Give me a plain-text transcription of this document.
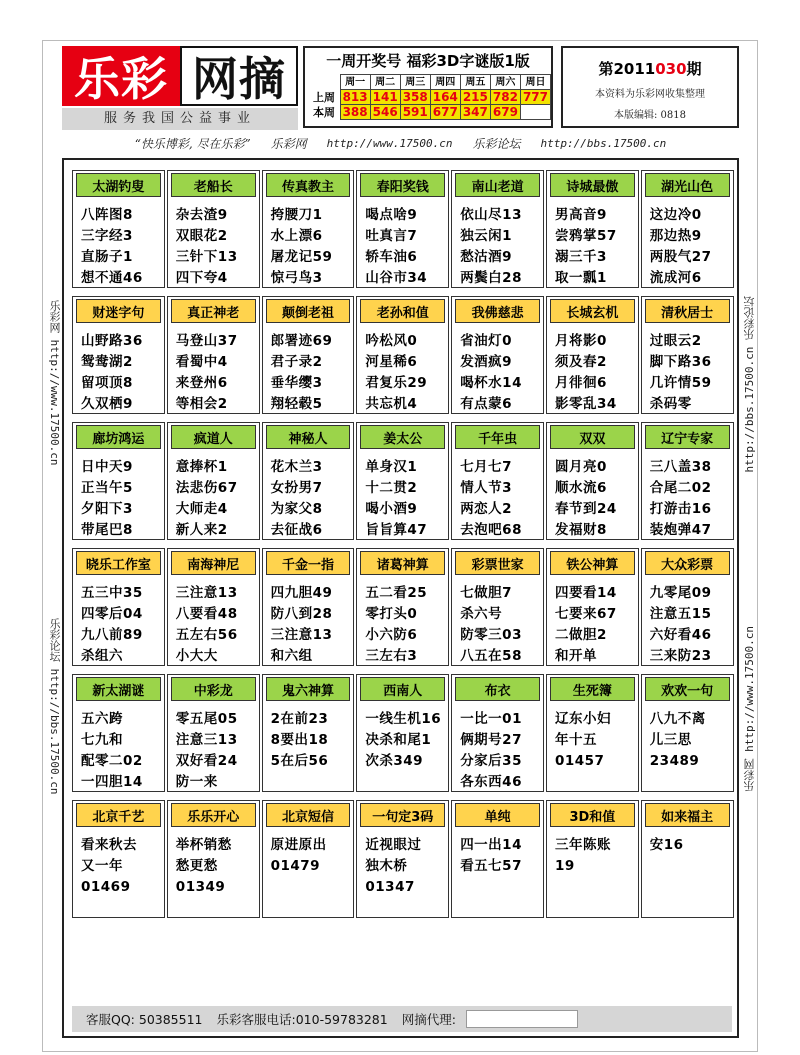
乐彩 网摘
服务我国公益事业
一周开奖号 福彩3D字谜版1版
	周一	周二	周三	周四	周五	周六	周日
上周	813	141	358	164	215	782	777
本周	388	546	591	677	347	679	
第2011030期
本资料为乐彩网收集整理
本版编辑: 0818
“快乐博彩, 尽在乐彩” 乐彩网 http://www.17500.cn 乐彩论坛 http://bbs.17500.cn
乐彩网 http://www.17500.cn
乐彩论坛 http://bbs.17500.cn
http://bbs.17500.cn 乐彩论坛
乐彩网 http://www.17500.cn
太湖钓叟
八阵图8
三字经3
直肠子1
想不通46
老船长
杂去渣9
双眼花2
三针下13
四下夸4
传真教主
挎腰刀1
水上漂6
屠龙记59
惊弓鸟3
春阳奖钱
喝点啥9
吐真言7
轿车油6
山谷市34
南山老道
依山尽13
独云闲1
愁沽酒9
两鬓白28
诗城最傲
男高音9
尝鸦掌57
溺三千3
取一瓢1
湖光山色
这边冷0
那边热9
两股气27
流成河6
财迷字句
山野路36
鸳鸯湖2
留项顶8
久双栖9
真正神老
马登山37
看蜀中4
来登州6
等相会2
颠倒老祖
郎署迹69
君子录2
垂华缨3
翔轻毂5
老孙和值
吟松风0
河星稀6
君复乐29
共忘机4
我佛慈悲
省油灯0
发酒疯9
喝杯水14
有点蒙6
长城玄机
月将影0
须及春2
月徘徊6
影零乱34
清秋居士
过眼云2
脚下路36
几许情59
杀码零
廊坊鸿运
日中天9
正当午5
夕阳下3
带尾巴8
疯道人
意捧杯1
法悲伤67
大师走4
新人来2
神秘人
花木兰3
女扮男7
为家父8
去征战6
姜太公
单身汉1
十二贯2
喝小酒9
旨旨算47
千年虫
七月七7
情人节3
两恋人2
去泡吧68
双双
圆月亮0
顺水流6
春节到24
发福财8
辽宁专家
三八盖38
合尾二02
打游击16
装炮弹47
晓乐工作室
五三中35
四零后04
九八前89
杀组六
南海神尼
三注意13
八要看48
五左右56
小大大
千金一指
四九胆49
防八到28
三注意13
和六组
诸葛神算
五二看25
零打头0
小六防6
三左右3
彩票世家
七做胆7
杀六号
防零三03
八五在58
铁公神算
四要看14
七要来67
二做胆2
和开单
大众彩票
九零尾09
注意五15
六好看46
三来防23
新太湖谜
五六跨
七九和
配零二02
一四胆14
中彩龙
零五尾05
注意三13
双好看24
防一来
鬼六神算
2在前23
8要出18
5在后56
西南人
一线生机16
决杀和尾1
次杀349
布衣
一比一01
俩期号27
分家后35
各东西46
生死簿
辽东小妇
年十五
01457
欢欢一句
八九不离
儿三思
23489
北京千艺
看来秋去
又一年
01469
乐乐开心
举杯销愁
愁更愁
01349
北京短信
原进原出
01479
一句定3码
近视眼过
独木桥
01347
单纯
四一出14
看五七57
3D和值
三年陈账
19
如来福主
安16
客服QQ: 50385511 乐彩客服电话:010-59783281 网摘代理:
